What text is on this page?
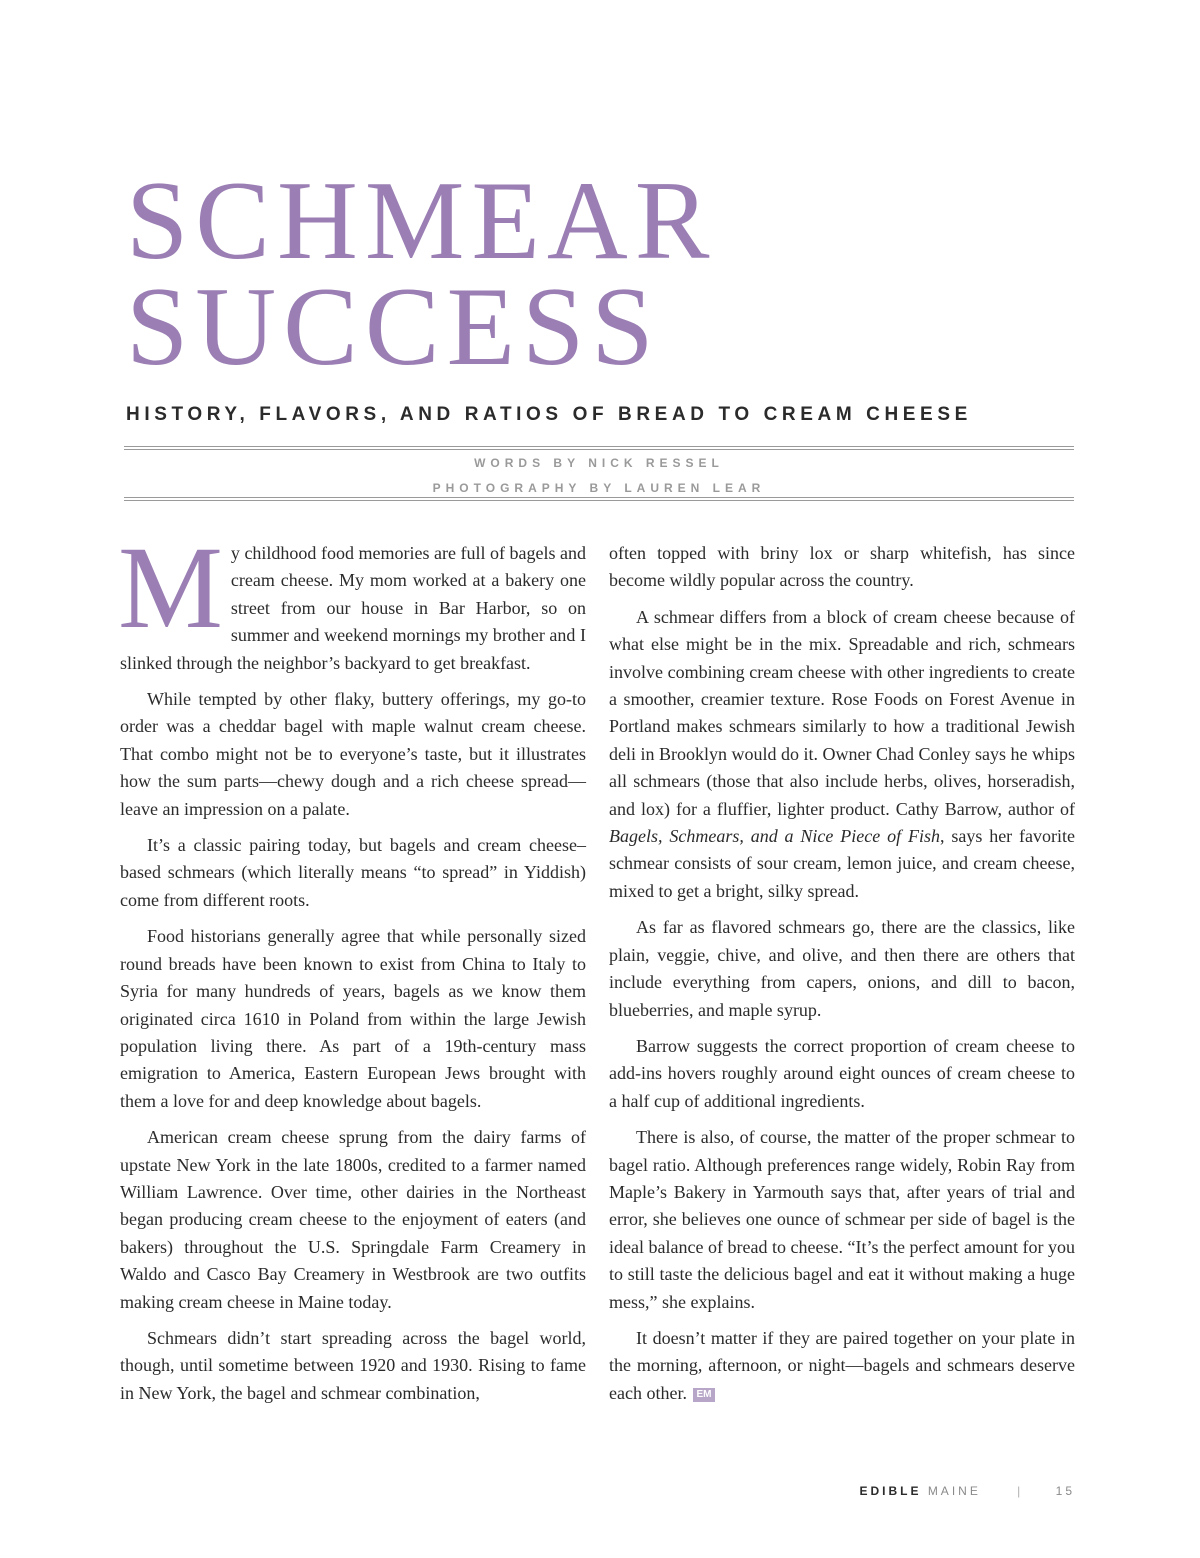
SCHMEAR
SUCCESS
HISTORY, FLAVORS, AND RATIOS OF BREAD TO CREAM CHEESE
WORDS BY NICK RESSEL
PHOTOGRAPHY BY LAUREN LEAR

My childhood food memories are full of bagels and cream cheese. My mom worked at a bakery one street from our house in Bar Harbor, so on summer and weekend mornings my brother and I slinked through the neighbor’s backyard to get breakfast.

While tempted by other flaky, buttery offerings, my go-to order was a cheddar bagel with maple walnut cream cheese. That combo might not be to everyone’s taste, but it illustrates how the sum parts—chewy dough and a rich cheese spread—leave an impression on a palate.

It’s a classic pairing today, but bagels and cream cheese–based schmears (which literally means “to spread” in Yiddish) come from different roots.

Food historians generally agree that while personally sized round breads have been known to exist from China to Italy to Syria for many hundreds of years, bagels as we know them originated circa 1610 in Poland from within the large Jewish population living there. As part of a 19th-century mass emigration to America, Eastern European Jews brought with them a love for and deep knowledge about bagels.

American cream cheese sprung from the dairy farms of upstate New York in the late 1800s, credited to a farmer named William Lawrence. Over time, other dairies in the Northeast began producing cream cheese to the enjoyment of eaters (and bakers) throughout the U.S. Springdale Farm Creamery in Waldo and Casco Bay Creamery in Westbrook are two outfits making cream cheese in Maine today.

Schmears didn’t start spreading across the bagel world, though, until sometime between 1920 and 1930. Rising to fame in New York, the bagel and schmear combination,

often topped with briny lox or sharp whitefish, has since become wildly popular across the country.

A schmear differs from a block of cream cheese because of what else might be in the mix. Spreadable and rich, schmears involve combining cream cheese with other ingredients to create a smoother, creamier texture. Rose Foods on Forest Avenue in Portland makes schmears similarly to how a traditional Jewish deli in Brooklyn would do it. Owner Chad Conley says he whips all schmears (those that also include herbs, olives, horseradish, and lox) for a fluffier, lighter product. Cathy Barrow, author of Bagels, Schmears, and a Nice Piece of Fish, says her favorite schmear consists of sour cream, lemon juice, and cream cheese, mixed to get a bright, silky spread.

As far as flavored schmears go, there are the classics, like plain, veggie, chive, and olive, and then there are others that include everything from capers, onions, and dill to bacon, blueberries, and maple syrup.

Barrow suggests the correct proportion of cream cheese to add-ins hovers roughly around eight ounces of cream cheese to a half cup of additional ingredients.

There is also, of course, the matter of the proper schmear to bagel ratio. Although preferences range widely, Robin Ray from Maple’s Bakery in Yarmouth says that, after years of trial and error, she believes one ounce of schmear per side of bagel is the ideal balance of bread to cheese. “It’s the perfect amount for you to still taste the delicious bagel and eat it without making a huge mess,” she explains.

It doesn’t matter if they are paired together on your plate in the morning, afternoon, or night—bagels and schmears deserve each other. EM

EDIBLE MAINE	|	15
